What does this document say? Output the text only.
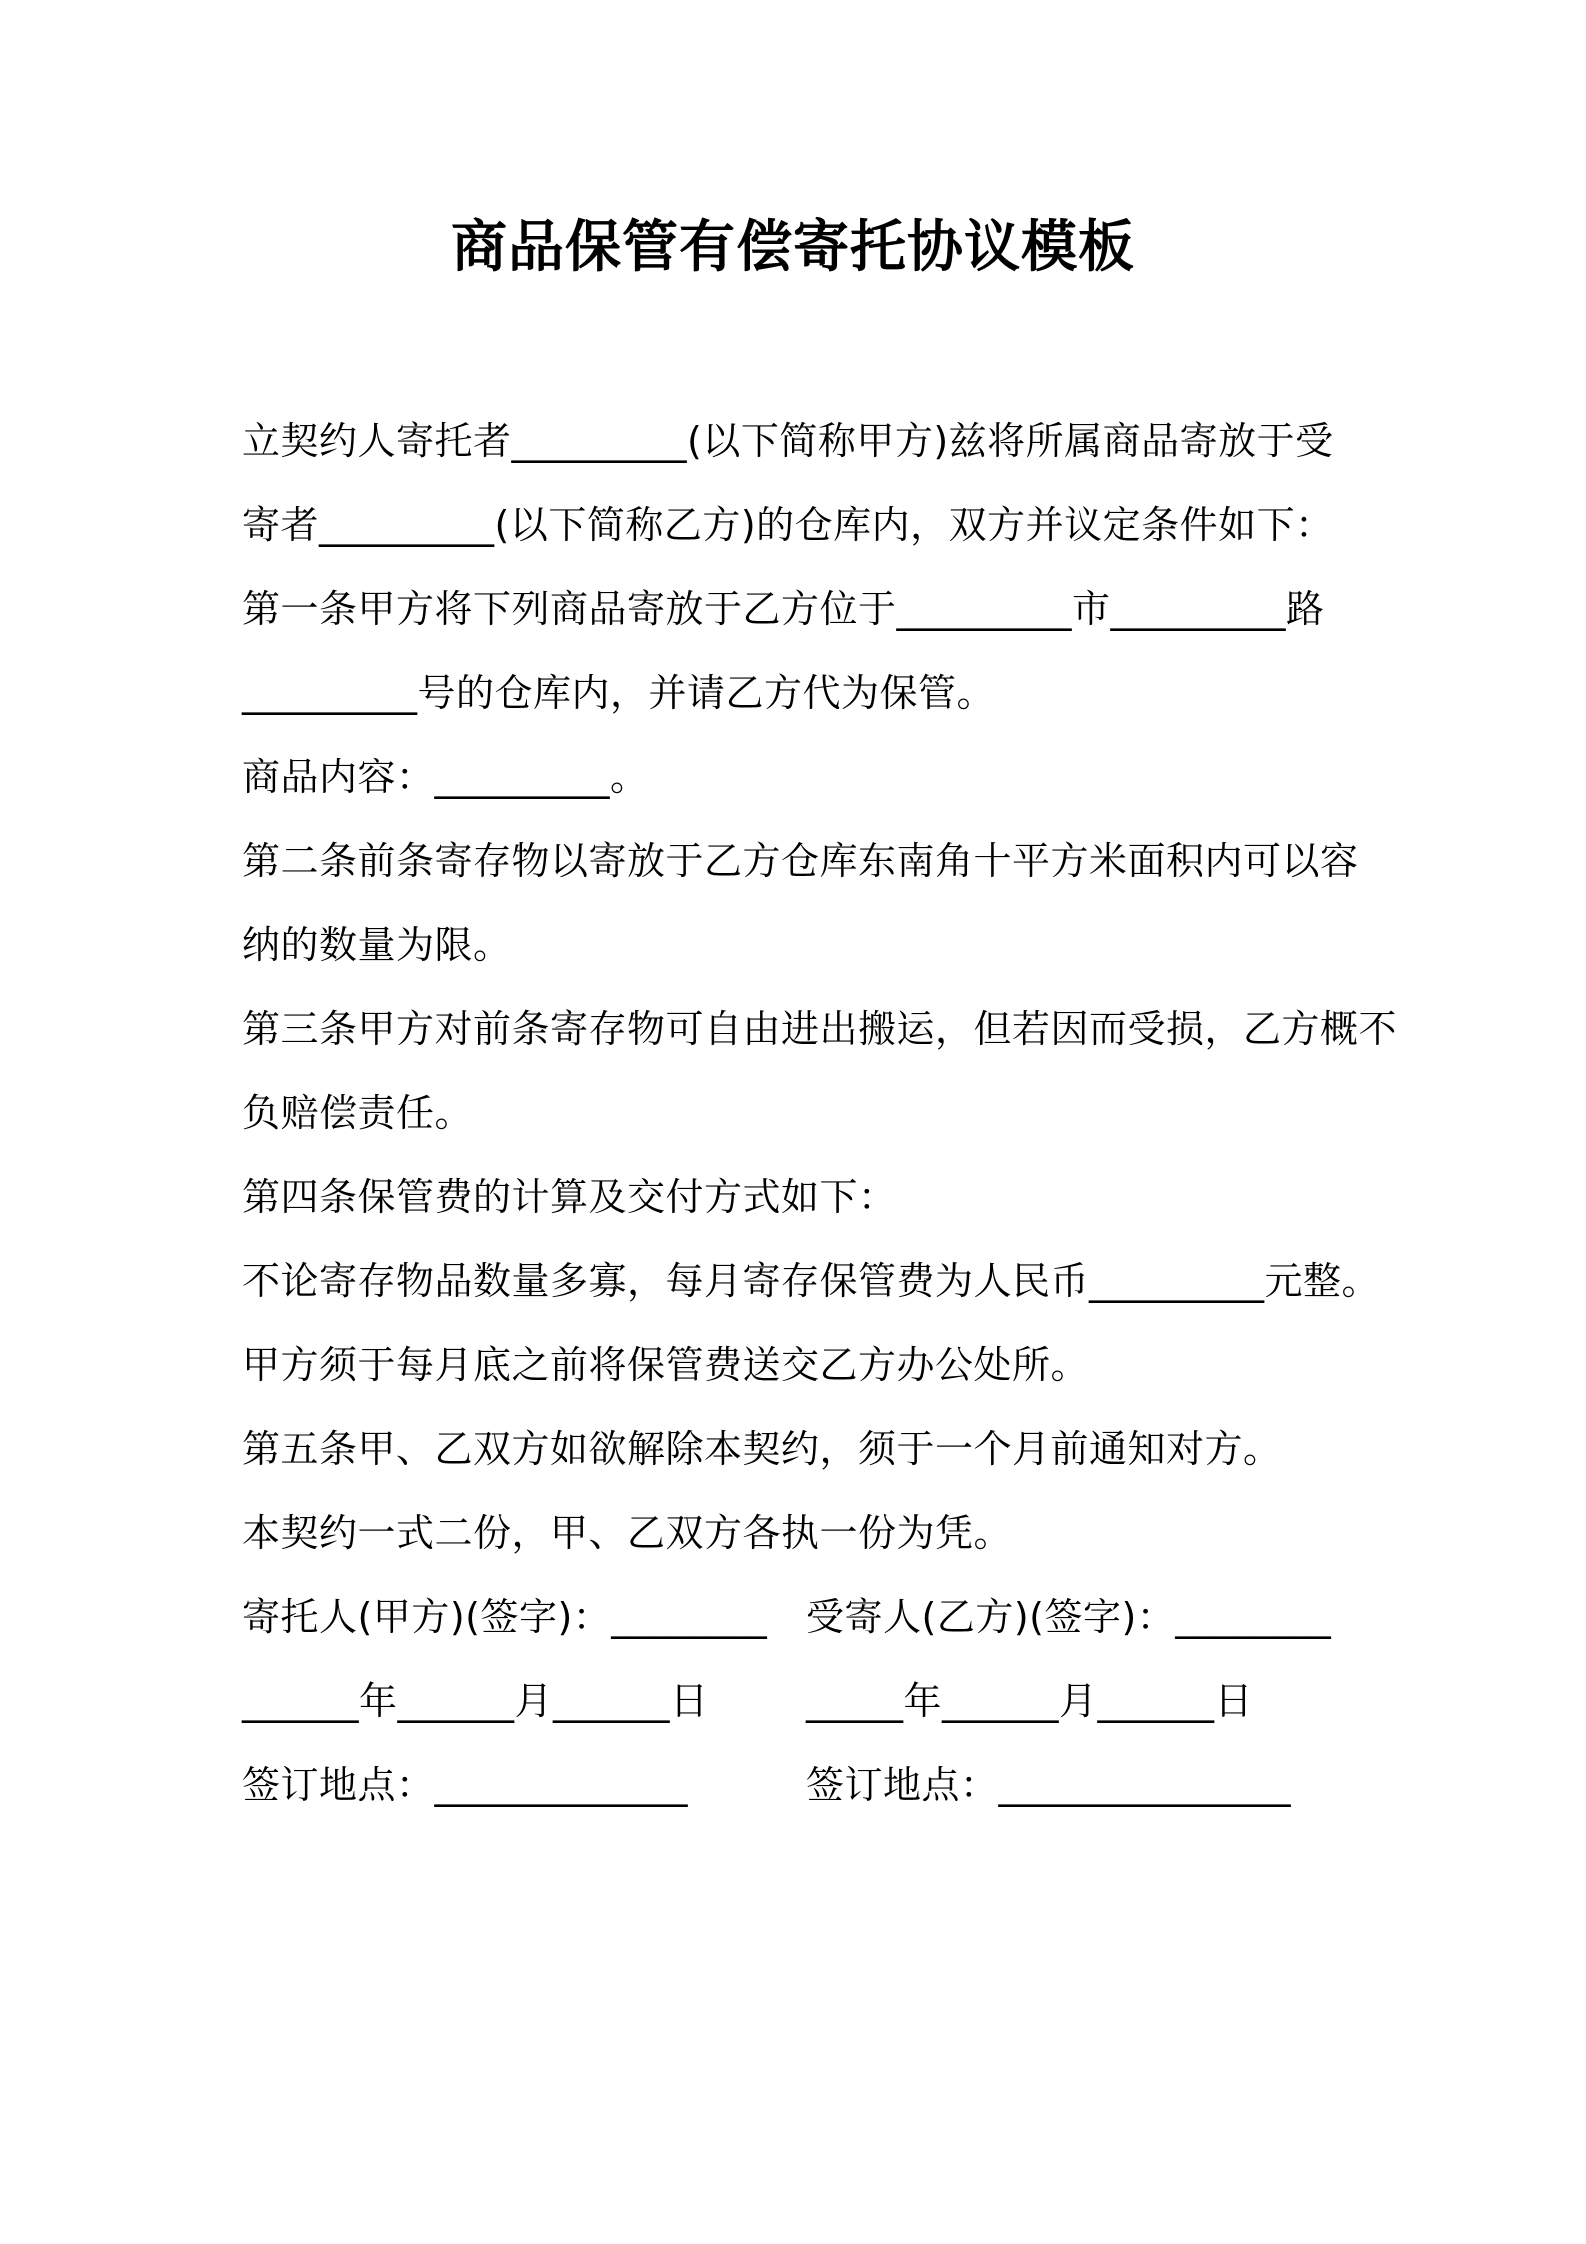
商品保管有偿寄托协议模板
立契约人寄托者_________(以下简称甲方)兹将所属商品寄放于受
寄者_________(以下简称乙方)的仓库内，双方并议定条件如下：
第一条甲方将下列商品寄放于乙方位于_________市_________路
_________号的仓库内，并请乙方代为保管。
商品内容：_________。
第二条前条寄存物以寄放于乙方仓库东南角十平方米面积内可以容
纳的数量为限。
第三条甲方对前条寄存物可自由进出搬运，但若因而受损，乙方概不
负赔偿责任。
第四条保管费的计算及交付方式如下：
不论寄存物品数量多寡，每月寄存保管费为人民币_________元整。
甲方须于每月底之前将保管费送交乙方办公处所。
第五条甲、乙双方如欲解除本契约，须于一个月前通知对方。
本契约一式二份，甲、乙双方各执一份为凭。
寄托人(甲方)(签字)：________ 受寄人(乙方)(签字)：________
______年______月______日	_____年______月______日
签订地点：_____________	签订地点：_______________
